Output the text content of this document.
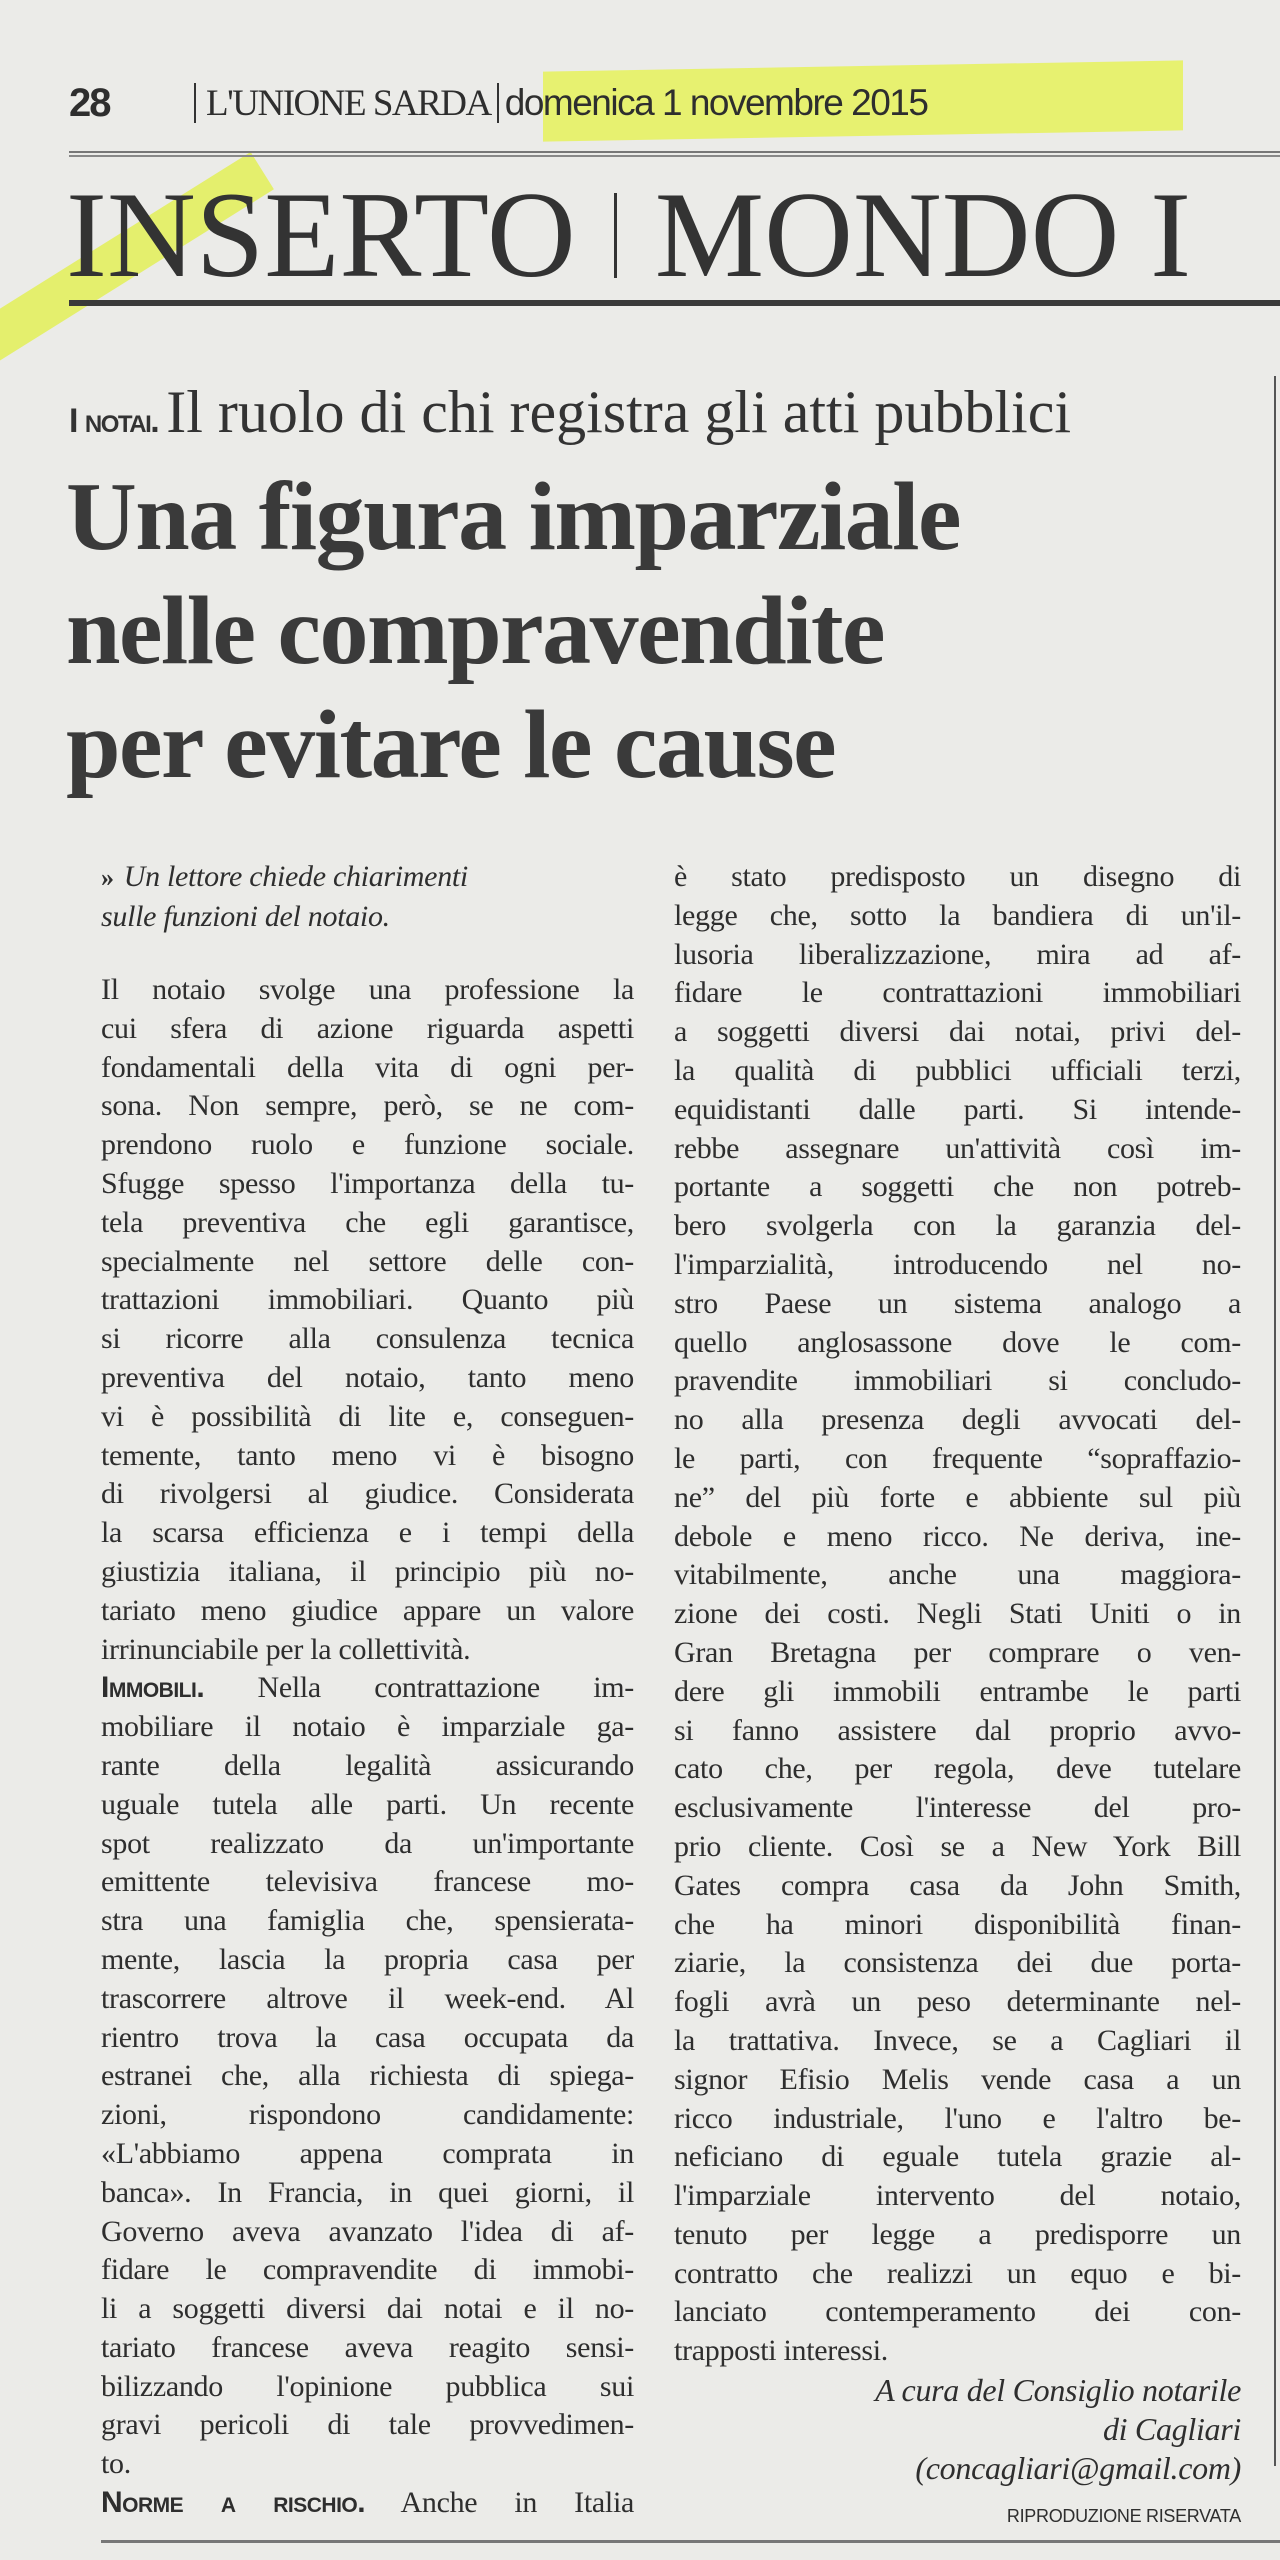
28	L'UNIONE SARDA domenica 1 novembre 2015
INSERTO MONDO I
I notai. Il ruolo di chi registra gli atti pubblici
Una figura imparziale
nelle compravendite
per evitare le cause
» Un lettore chiede chiarimenti
sulle funzioni del notaio.
Il notaio svolge una professione la
cui sfera di azione riguarda aspetti
fondamentali della vita di ogni per-
sona. Non sempre, però, se ne com-
prendono ruolo e funzione sociale.
Sfugge spesso l'importanza della tu-
tela preventiva che egli garantisce,
specialmente nel settore delle con-
trattazioni immobiliari. Quanto più
si ricorre alla consulenza tecnica
preventiva del notaio, tanto meno
vi è possibilità di lite e, conseguen-
temente, tanto meno vi è bisogno
di rivolgersi al giudice. Considerata
la scarsa efficienza e i tempi della
giustizia italiana, il principio più no-
tariato meno giudice appare un valore
irrinunciabile per la collettività.
Immobili. Nella contrattazione im-
mobiliare il notaio è imparziale ga-
rante della legalità assicurando
uguale tutela alle parti. Un recente
spot realizzato da un'importante
emittente televisiva francese mo-
stra una famiglia che, spensierata-
mente, lascia la propria casa per
trascorrere altrove il week-end. Al
rientro trova la casa occupata da
estranei che, alla richiesta di spiega-
zioni, rispondono candidamente:
«L'abbiamo appena comprata in
banca». In Francia, in quei giorni, il
Governo aveva avanzato l'idea di af-
fidare le compravendite di immobi-
li a soggetti diversi dai notai e il no-
tariato francese aveva reagito sensi-
bilizzando l'opinione pubblica sui
gravi pericoli di tale provvedimen-
to.
Norme a rischio. Anche in Italia
è stato predisposto un disegno di
legge che, sotto la bandiera di un'il-
lusoria liberalizzazione, mira ad af-
fidare le contrattazioni immobiliari
a soggetti diversi dai notai, privi del-
la qualità di pubblici ufficiali terzi,
equidistanti dalle parti. Si intende-
rebbe assegnare un'attività così im-
portante a soggetti che non potreb-
bero svolgerla con la garanzia del-
l'imparzialità, introducendo nel no-
stro Paese un sistema analogo a
quello anglosassone dove le com-
pravendite immobiliari si concludo-
no alla presenza degli avvocati del-
le parti, con frequente “sopraffazio-
ne” del più forte e abbiente sul più
debole e meno ricco. Ne deriva, ine-
vitabilmente, anche una maggiora-
zione dei costi. Negli Stati Uniti o in
Gran Bretagna per comprare o ven-
dere gli immobili entrambe le parti
si fanno assistere dal proprio avvo-
cato che, per regola, deve tutelare
esclusivamente l'interesse del pro-
prio cliente. Così se a New York Bill
Gates compra casa da John Smith,
che ha minori disponibilità finan-
ziarie, la consistenza dei due porta-
fogli avrà un peso determinante nel-
la trattativa. Invece, se a Cagliari il
signor Efisio Melis vende casa a un
ricco industriale, l'uno e l'altro be-
neficiano di eguale tutela grazie al-
l'imparziale intervento del notaio,
tenuto per legge a predisporre un
contratto che realizzi un equo e bi-
lanciato contemperamento dei con-
trapposti interessi.
A cura del Consiglio notarile
di Cagliari
(concagliari@gmail.com)
RIPRODUZIONE RISERVATA
